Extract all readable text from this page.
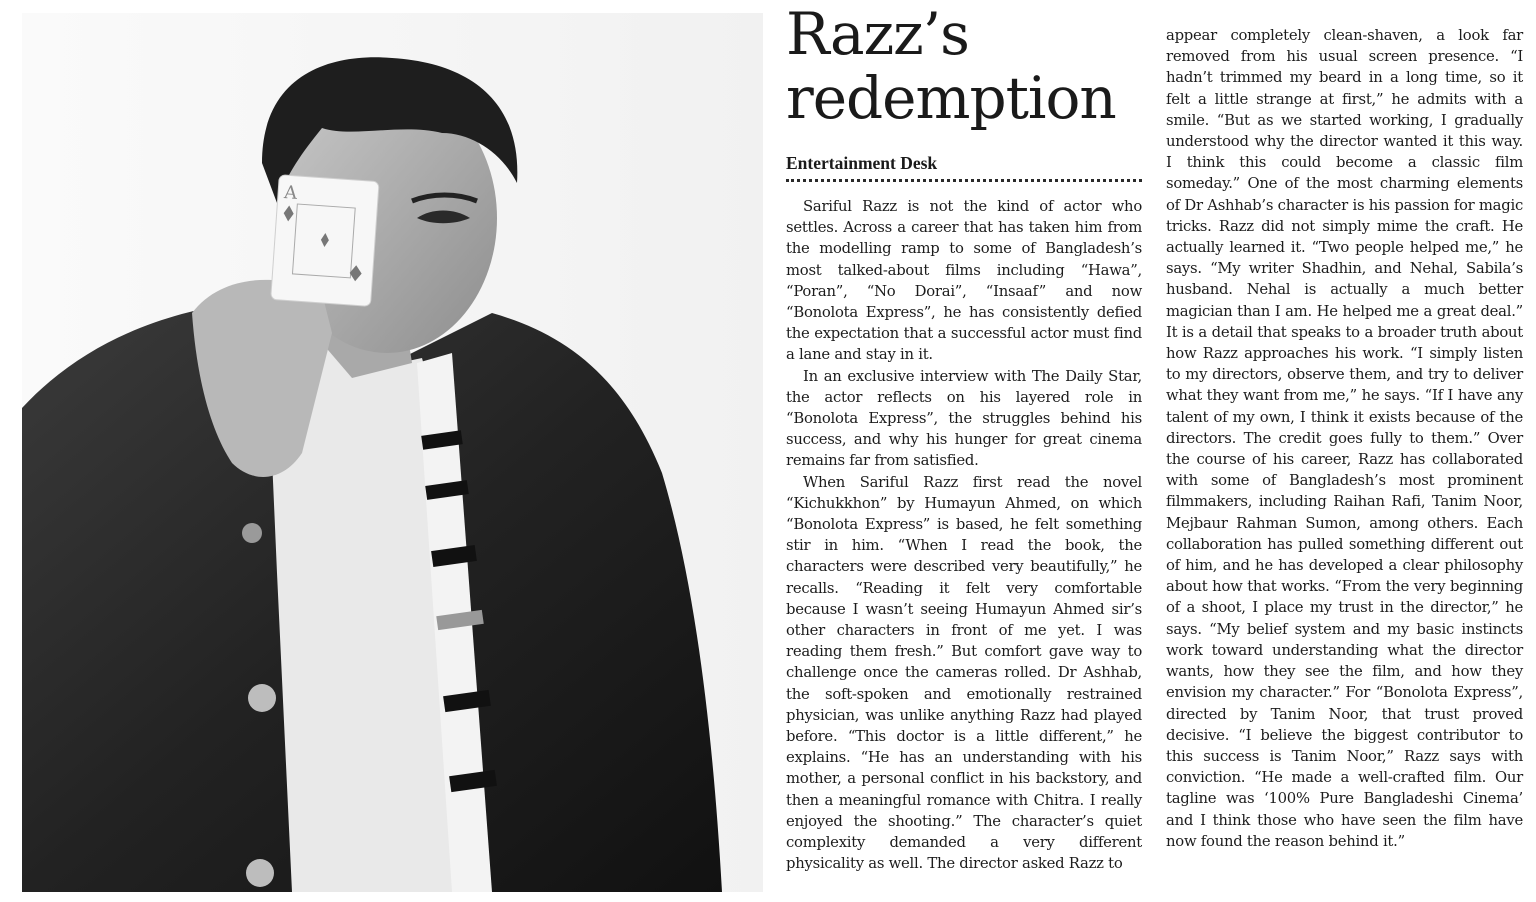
A
Razz’s
redemption
Entertainment Desk

Sariful Razz is not the kind of actor who settles. Across a career that has taken him from the modelling ramp to some of Bangladesh’s most talked-about films including “Hawa”, “Poran”, “No Dorai”, “Insaaf” and now “Bonolota Express”, he has consistently defied the expectation that a successful actor must find a lane and stay in it.

In an exclusive interview with The Daily Star, the actor reflects on his layered role in “Bonolota Express”, the struggles behind his success, and why his hunger for great cinema remains far from satisfied.

When Sariful Razz first read the novel “Kichukkhon” by Humayun Ahmed, on which “Bonolota Express” is based, he felt something stir in him. “When I read the book, the characters were described very beautifully,” he recalls. “Reading it felt very comfortable because I wasn’t seeing Humayun Ahmed sir’s other characters in front of me yet. I was reading them fresh.” But comfort gave way to challenge once the cameras rolled. Dr Ashhab, the soft-spoken and emotionally restrained physician, was unlike anything Razz had played before. “This doctor is a little different,” he explains. “He has an understanding with his mother, a personal conflict in his backstory, and then a meaningful romance with Chitra. I really enjoyed the shooting.” The character’s quiet complexity demanded a very different physicality as well. The director asked Razz to

appear completely clean-shaven, a look far removed from his usual screen presence. “I hadn’t trimmed my beard in a long time, so it felt a little strange at first,” he admits with a smile. “But as we started working, I gradually understood why the director wanted it this way. I think this could become a classic film someday.” One of the most charming elements of Dr Ashhab’s character is his passion for magic tricks. Razz did not simply mime the craft. He actually learned it. “Two people helped me,” he says. “My writer Shadhin, and Nehal, Sabila’s husband. Nehal is actually a much better magician than I am. He helped me a great deal.” It is a detail that speaks to a broader truth about how Razz approaches his work. “I simply listen to my directors, observe them, and try to deliver what they want from me,” he says. “If I have any talent of my own, I think it exists because of the directors. The credit goes fully to them.” Over the course of his career, Razz has collaborated with some of Bangladesh’s most prominent filmmakers, including Raihan Rafi, Tanim Noor, Mejbaur Rahman Sumon, among others. Each collaboration has pulled something different out of him, and he has developed a clear philosophy about how that works. “From the very beginning of a shoot, I place my trust in the director,” he says. “My belief system and my basic instincts work toward understanding what the director wants, how they see the film, and how they envision my character.” For “Bonolota Express”, directed by Tanim Noor, that trust proved decisive. “I believe the biggest contributor to this success is Tanim Noor,” Razz says with conviction. “He made a well-crafted film. Our tagline was ‘100% Pure Bangladeshi Cinema’ and I think those who have seen the film have now found the reason behind it.”
